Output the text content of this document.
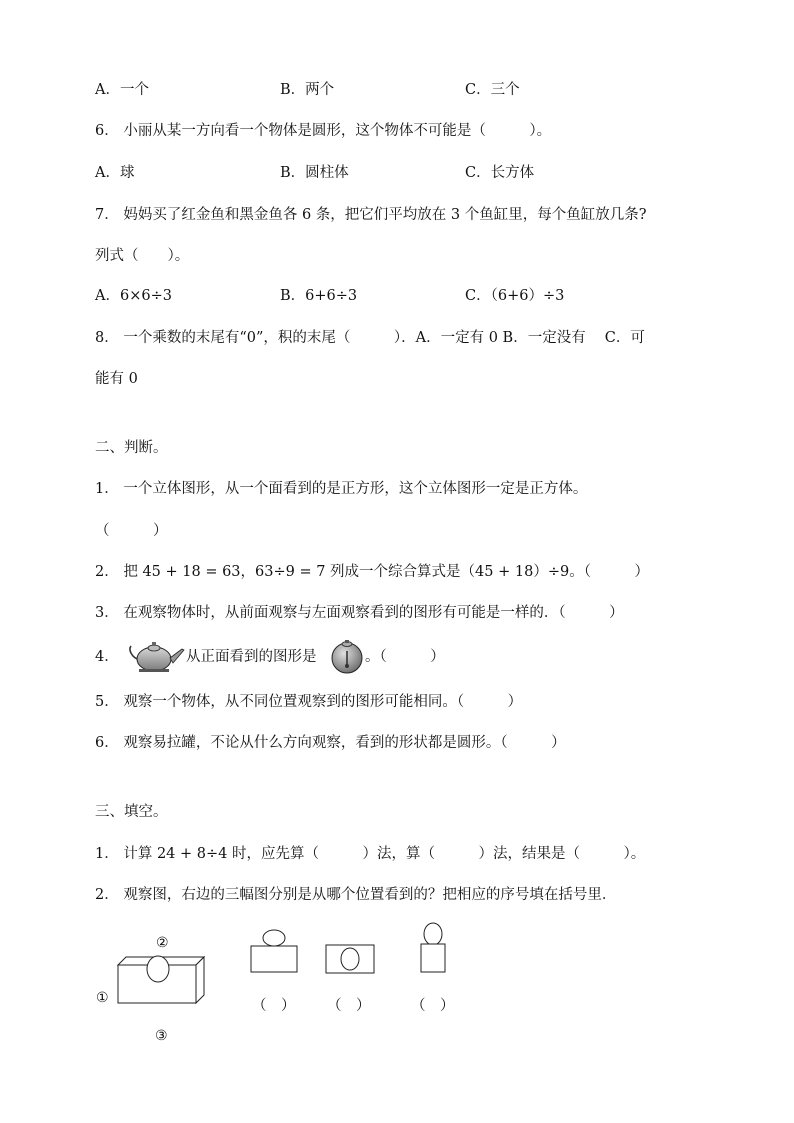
A．一个	B．两个	C．三个
6． 小丽从某一方向看一个物体是圆形，这个物体不可能是（　　　）。
A．球	B．圆柱体	C．长方体
7． 妈妈买了红金鱼和黑金鱼各 6 条，把它们平均放在 3 个鱼缸里，每个鱼缸放几条?
列式（　　）。
A．6×6÷3	B．6+6÷3	C．（6+6）÷3
8． 一个乘数的末尾有“0”，积的末尾（　　　）．A．一定有 0 B．一定没有　 C．可
能有 0
二、判断。
1． 一个立体图形，从一个面看到的是正方形，这个立体图形一定是正方体。
（　　　）
2． 把 45 + 18 = 63，63÷9 = 7 列成一个综合算式是（45 + 18）÷9。（　　　）
3． 在观察物体时，从前面观察与左面观察看到的图形有可能是一样的．（　　　）
4．	从正面看到的图形是	。（　　　）
5． 观察一个物体，从不同位置观察到的图形可能相同。（　　　）
6． 观察易拉罐，不论从什么方向观察，看到的形状都是圆形。（　　　）
三、填空。
1． 计算 24 + 8÷4 时，应先算（　　　）法，算（　　　）法，结果是（　　　）。
2． 观察图，右边的三幅图分别是从哪个位置看到的？把相应的序号填在括号里．
②
①
③
（　） （　）	（　）
